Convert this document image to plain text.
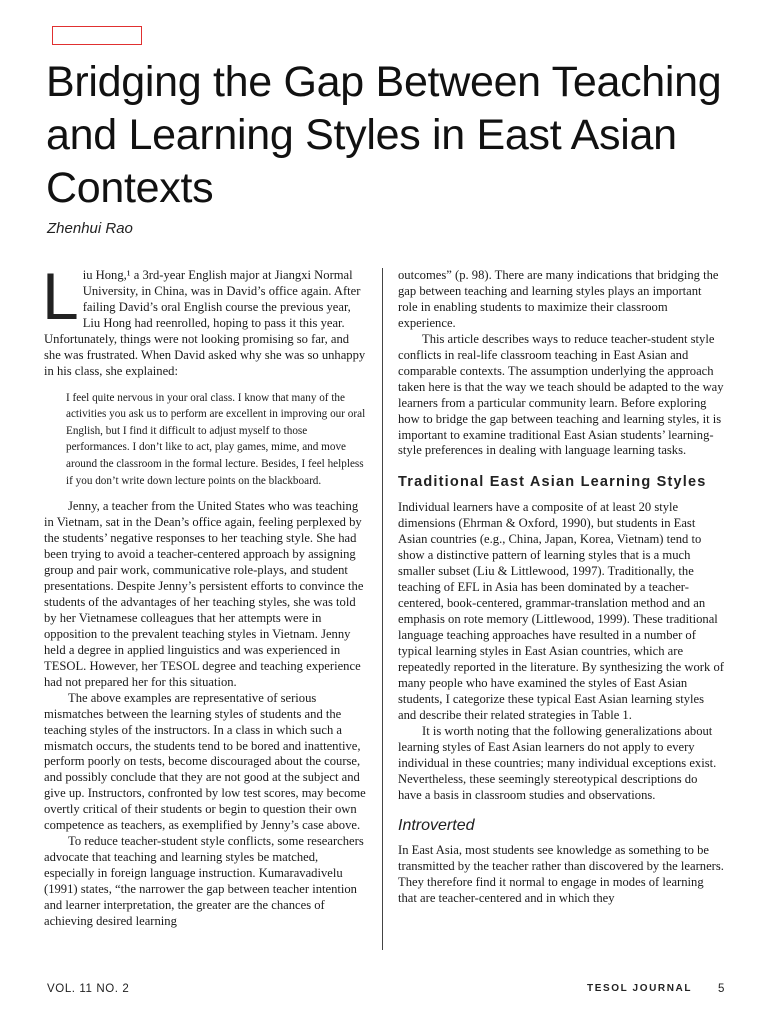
Bridging the Gap Between Teaching and Learning Styles in East Asian Contexts
Zhenhui Rao

Liu Hong,¹ a 3rd-year English major at Jiangxi Normal University, in China, was in David’s office again. After failing David’s oral English course the previous year, Liu Hong had reenrolled, hoping to pass it this year. Unfortunately, things were not looking promising so far, and she was frustrated. When David asked why she was so unhappy in his class, she explained:

I feel quite nervous in your oral class. I know that many of the activities you ask us to perform are excellent in improving our oral English, but I find it difficult to adjust myself to those performances. I don’t like to act, play games, mime, and move around the classroom in the formal lecture. Besides, I feel helpless if you don’t write down lecture points on the blackboard.

Jenny, a teacher from the United States who was teaching in Vietnam, sat in the Dean’s office again, feeling perplexed by the students’ negative responses to her teaching style. She had been trying to avoid a teacher-centered approach by assigning group and pair work, communicative role-plays, and student presentations. Despite Jenny’s persistent efforts to convince the students of the advantages of her teaching styles, she was told by her Vietnamese colleagues that her attempts were in opposition to the prevalent teaching styles in Vietnam. Jenny held a degree in applied linguistics and was experienced in TESOL. However, her TESOL degree and teaching experience had not prepared her for this situation.

The above examples are representative of serious mismatches between the learning styles of students and the teaching styles of the instructors. In a class in which such a mismatch occurs, the students tend to be bored and inattentive, perform poorly on tests, become discouraged about the course, and possibly conclude that they are not good at the subject and give up. Instructors, confronted by low test scores, may become overtly critical of their students or begin to question their own competence as teachers, as exemplified by Jenny’s case above.

To reduce teacher-student style conflicts, some researchers advocate that teaching and learning styles be matched, especially in foreign language instruction. Kumaravadivelu (1991) states, “the narrower the gap between teacher intention and learner interpretation, the greater are the chances of achieving desired learning

outcomes” (p. 98). There are many indications that bridging the gap between teaching and learning styles plays an important role in enabling students to maximize their classroom experience.

This article describes ways to reduce teacher-student style conflicts in real-life classroom teaching in East Asian and comparable contexts. The assumption underlying the approach taken here is that the way we teach should be adapted to the way learners from a particular community learn. Before exploring how to bridge the gap between teaching and learning styles, it is important to examine traditional East Asian students’ learning-style preferences in dealing with language learning tasks.

Traditional East Asian Learning Styles

Individual learners have a composite of at least 20 style dimensions (Ehrman & Oxford, 1990), but students in East Asian countries (e.g., China, Japan, Korea, Vietnam) tend to show a distinctive pattern of learning styles that is a much smaller subset (Liu & Littlewood, 1997). Traditionally, the teaching of EFL in Asia has been dominated by a teacher-centered, book-centered, grammar-translation method and an emphasis on rote memory (Littlewood, 1999). These traditional language teaching approaches have resulted in a number of typical learning styles in East Asian countries, which are repeatedly reported in the literature. By synthesizing the work of many people who have examined the styles of East Asian students, I categorize these typical East Asian learning styles and describe their related strategies in Table 1.

It is worth noting that the following generalizations about learning styles of East Asian learners do not apply to every individual in these countries; many individual exceptions exist. Nevertheless, these seemingly stereotypical descriptions do have a basis in classroom studies and observations.

Introverted

In East Asia, most students see knowledge as something to be transmitted by the teacher rather than discovered by the learners. They therefore find it normal to engage in modes of learning that are teacher-centered and in which they

VOL. 11 NO. 2	TESOL JOURNAL 5
